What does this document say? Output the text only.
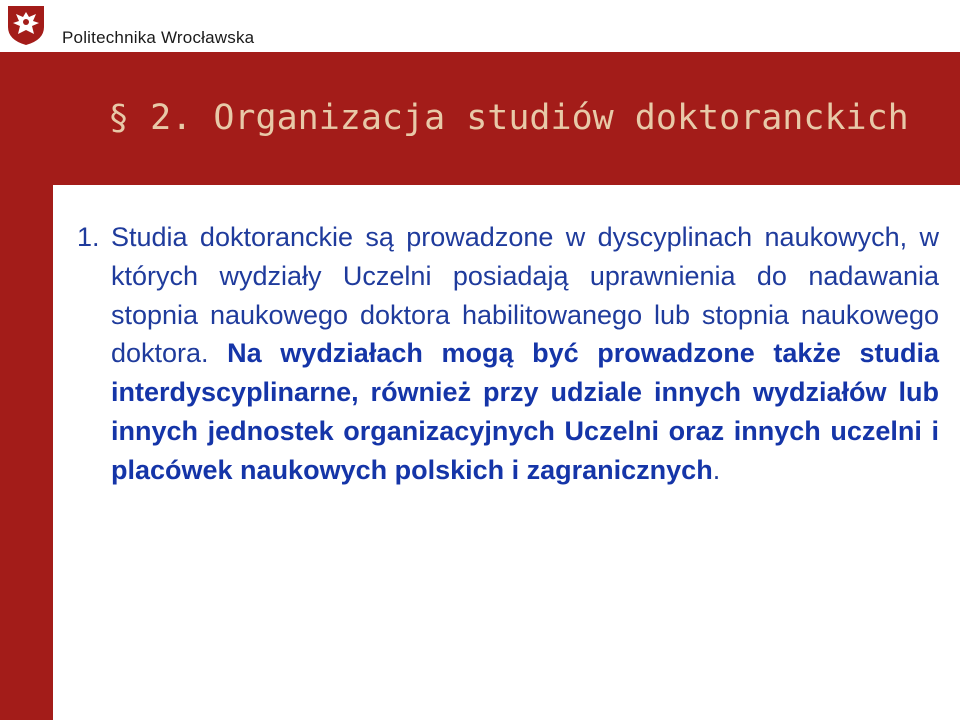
Politechnika Wrocławska
§ 2. Organizacja studiów doktoranckich
1. Studia doktoranckie są prowadzone w dyscyplinach naukowych, w których wydziały Uczelni posiadają uprawnienia do nadawania stopnia naukowego doktora habilitowanego lub stopnia naukowego doktora. Na wydziałach mogą być prowadzone także studia interdyscyplinarne, również przy udziale innych wydziałów lub innych jednostek organizacyjnych Uczelni oraz innych uczelni i placówek naukowych polskich i zagranicznych.
